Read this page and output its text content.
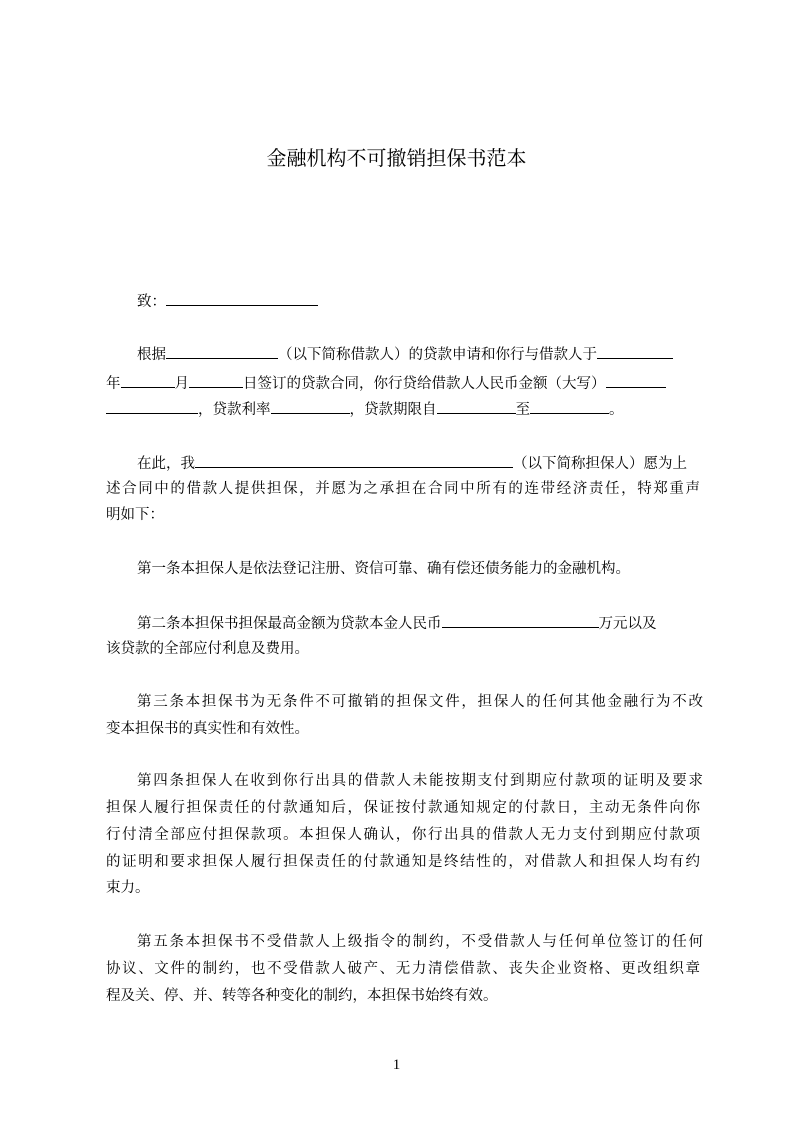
金融机构不可撤销担保书范本
致：
根据	（以下简称借款人）的贷款申请和你行与借款人于
年	月	日签订的贷款合同，你行贷给借款人人民币金额（大写）
，贷款利率	，贷款期限自	至	。
在此，我	（以下简称担保人）愿为上
述合同中的借款人提供担保，并愿为之承担在合同中所有的连带经济责任，特郑重声
明如下：
第一条本担保人是依法登记注册、资信可靠、确有偿还债务能力的金融机构。
第二条本担保书担保最高金额为贷款本金人民币	万元以及
该贷款的全部应付利息及费用。
第三条本担保书为无条件不可撤销的担保文件，担保人的任何其他金融行为不改
变本担保书的真实性和有效性。
第四条担保人在收到你行出具的借款人未能按期支付到期应付款项的证明及要求
担保人履行担保责任的付款通知后，保证按付款通知规定的付款日，主动无条件向你
行付清全部应付担保款项。本担保人确认，你行出具的借款人无力支付到期应付款项
的证明和要求担保人履行担保责任的付款通知是终结性的，对借款人和担保人均有约
束力。
第五条本担保书不受借款人上级指令的制约，不受借款人与任何单位签订的任何
协议、文件的制约，也不受借款人破产、无力清偿借款、丧失企业资格、更改组织章
程及关、停、并、转等各种变化的制约，本担保书始终有效。
1
